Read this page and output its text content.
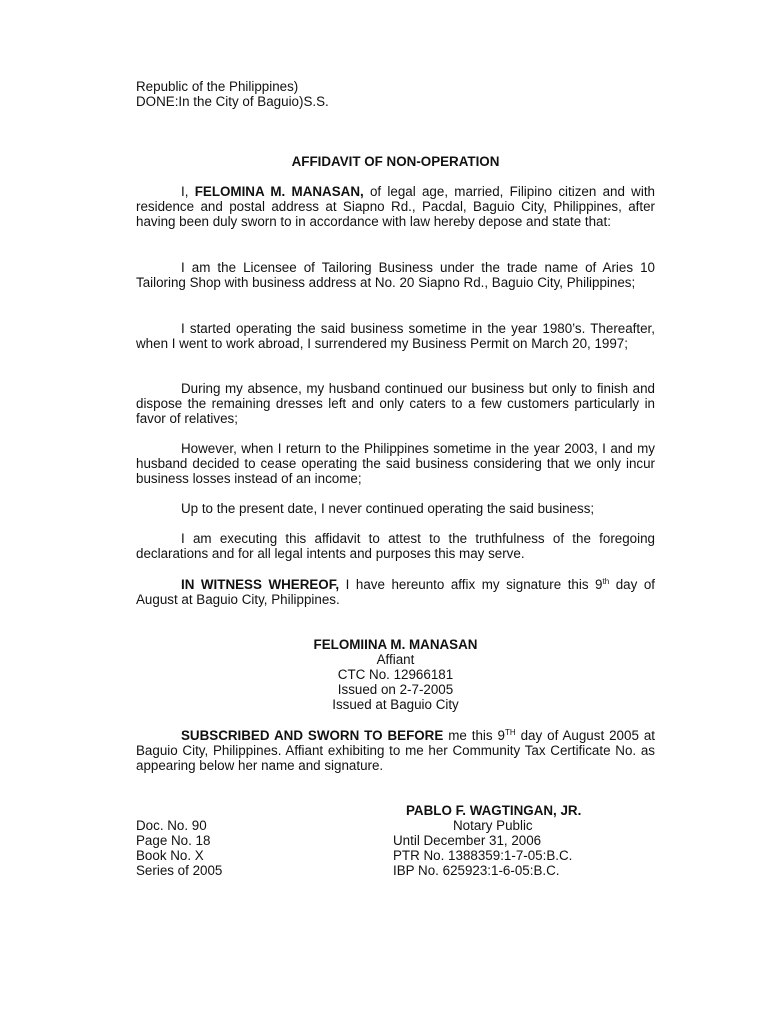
Republic of the Philippines)
DONE:In the City of Baguio)S.S.
AFFIDAVIT OF NON-OPERATION

I, FELOMINA M. MANASAN, of legal age, married, Filipino citizen and with residence and postal address at Siapno Rd., Pacdal, Baguio City, Philippines, after having been duly sworn to in accordance with law hereby depose and state that:

I am the Licensee of Tailoring Business under the trade name of Aries 10 Tailoring Shop with business address at No. 20 Siapno Rd., Baguio City, Philippines;

I started operating the said business sometime in the year 1980’s. Thereafter, when I went to work abroad, I surrendered my Business Permit on March 20, 1997;

During my absence, my husband continued our business but only to finish and dispose the remaining dresses left and only caters to a few customers particularly in favor of relatives;

However, when I return to the Philippines sometime in the year 2003, I and my husband decided to cease operating the said business considering that we only incur business losses instead of an income;

Up to the present date, I never continued operating the said business;

I am executing this affidavit to attest to the truthfulness of the foregoing declarations and for all legal intents and purposes this may serve.

IN WITNESS WHEREOF, I have hereunto affix my signature this 9th day of August at Baguio City, Philippines.

FELOMIINA M. MANASAN
Affiant
CTC No. 12966181
Issued on 2-7-2005
Issued at Baguio City

SUBSCRIBED AND SWORN TO BEFORE me this 9TH day of August 2005 at Baguio City, Philippines. Affiant exhibiting to me her Community Tax Certificate No. as appearing below her name and signature.

PABLO F. WAGTINGAN, JR.
Notary Public
Doc. No. 90
Page No. 18
Book No. X
Series of 2005
Until December 31, 2006
PTR No. 1388359:1-7-05:B.C.
IBP No. 625923:1-6-05:B.C.
